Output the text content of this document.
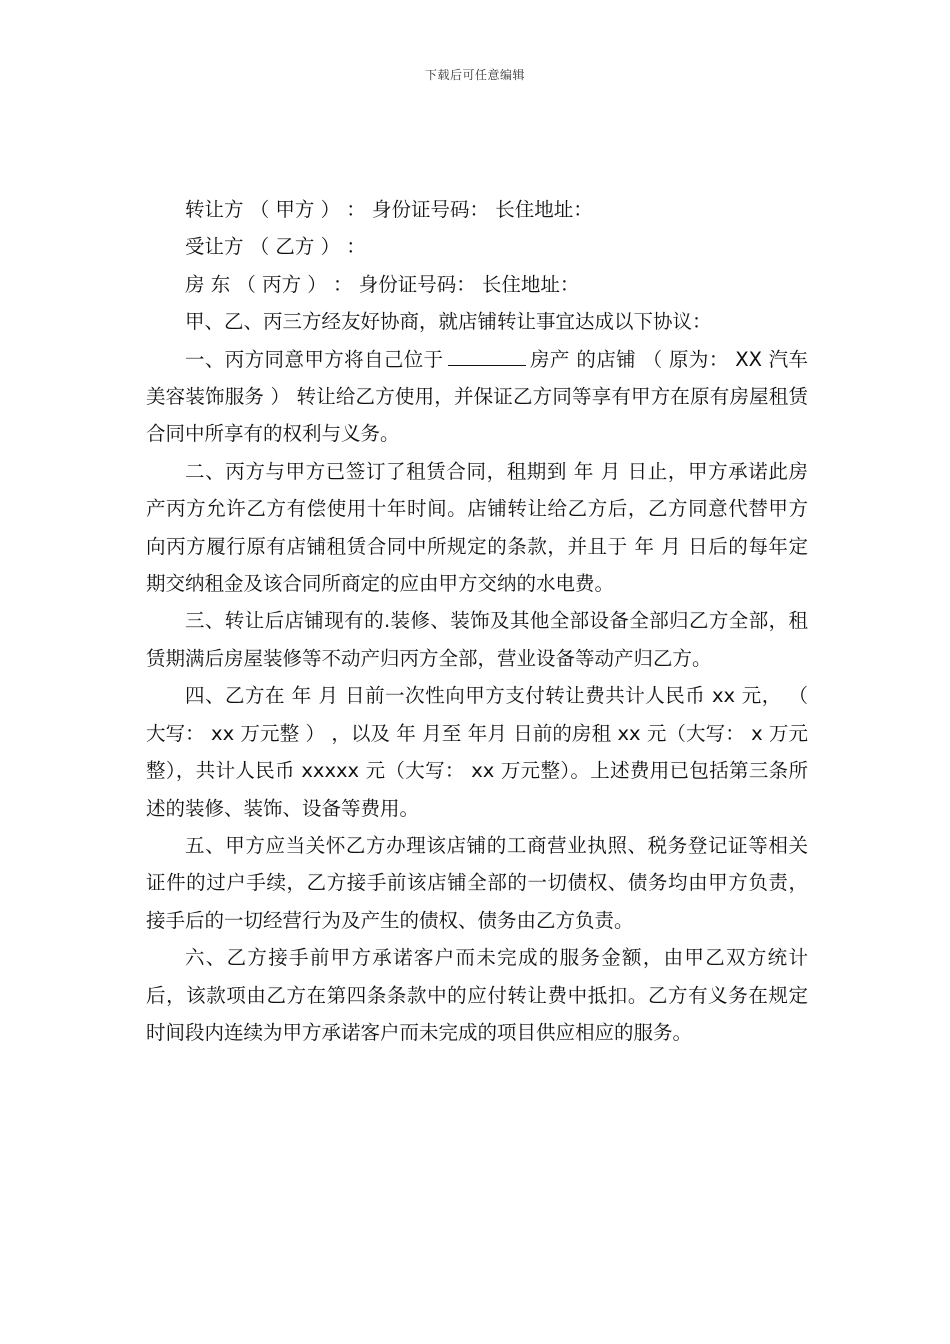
下载后可任意编辑

转让方 （ 甲方 ） ： 身份证号码： 长住地址：

受让方 （ 乙方 ） ：

房 东 （ 丙方 ） ： 身份证号码： 长住地址：

甲、乙、丙三方经友好协商，就店铺转让事宜达成以下协议：

一、丙方同意甲方将自己位于	房产 的店铺 （ 原为： XX 汽车美容装饰服务 ） 转让给乙方使用，并保证乙方同等享有甲方在原有房屋租赁合同中所享有的权利与义务。

二、丙方与甲方已签订了租赁合同，租期到 年 月 日止，甲方承诺此房产丙方允许乙方有偿使用十年时间。店铺转让给乙方后，乙方同意代替甲方向丙方履行原有店铺租赁合同中所规定的条款，并且于 年 月 日后的每年定期交纳租金及该合同所商定的应由甲方交纳的水电费。

三、转让后店铺现有的.装修、装饰及其他全部设备全部归乙方全部，租赁期满后房屋装修等不动产归丙方全部，营业设备等动产归乙方。

四、乙方在 年 月 日前一次性向甲方支付转让费共计人民币 xx 元， （ 大写： xx 万元整 ） ，以及 年 月至 年月 日前的房租 xx 元（大写： x 万元整），共计人民币 xxxxx 元（大写： xx 万元整）。上述费用已包括第三条所述的装修、装饰、设备等费用。

五、甲方应当关怀乙方办理该店铺的工商营业执照、税务登记证等相关证件的过户手续，乙方接手前该店铺全部的一切债权、债务均由甲方负责，接手后的一切经营行为及产生的债权、债务由乙方负责。

六、乙方接手前甲方承诺客户而未完成的服务金额，由甲乙双方统计后，该款项由乙方在第四条条款中的应付转让费中抵扣。乙方有义务在规定时间段内连续为甲方承诺客户而未完成的项目供应相应的服务。
